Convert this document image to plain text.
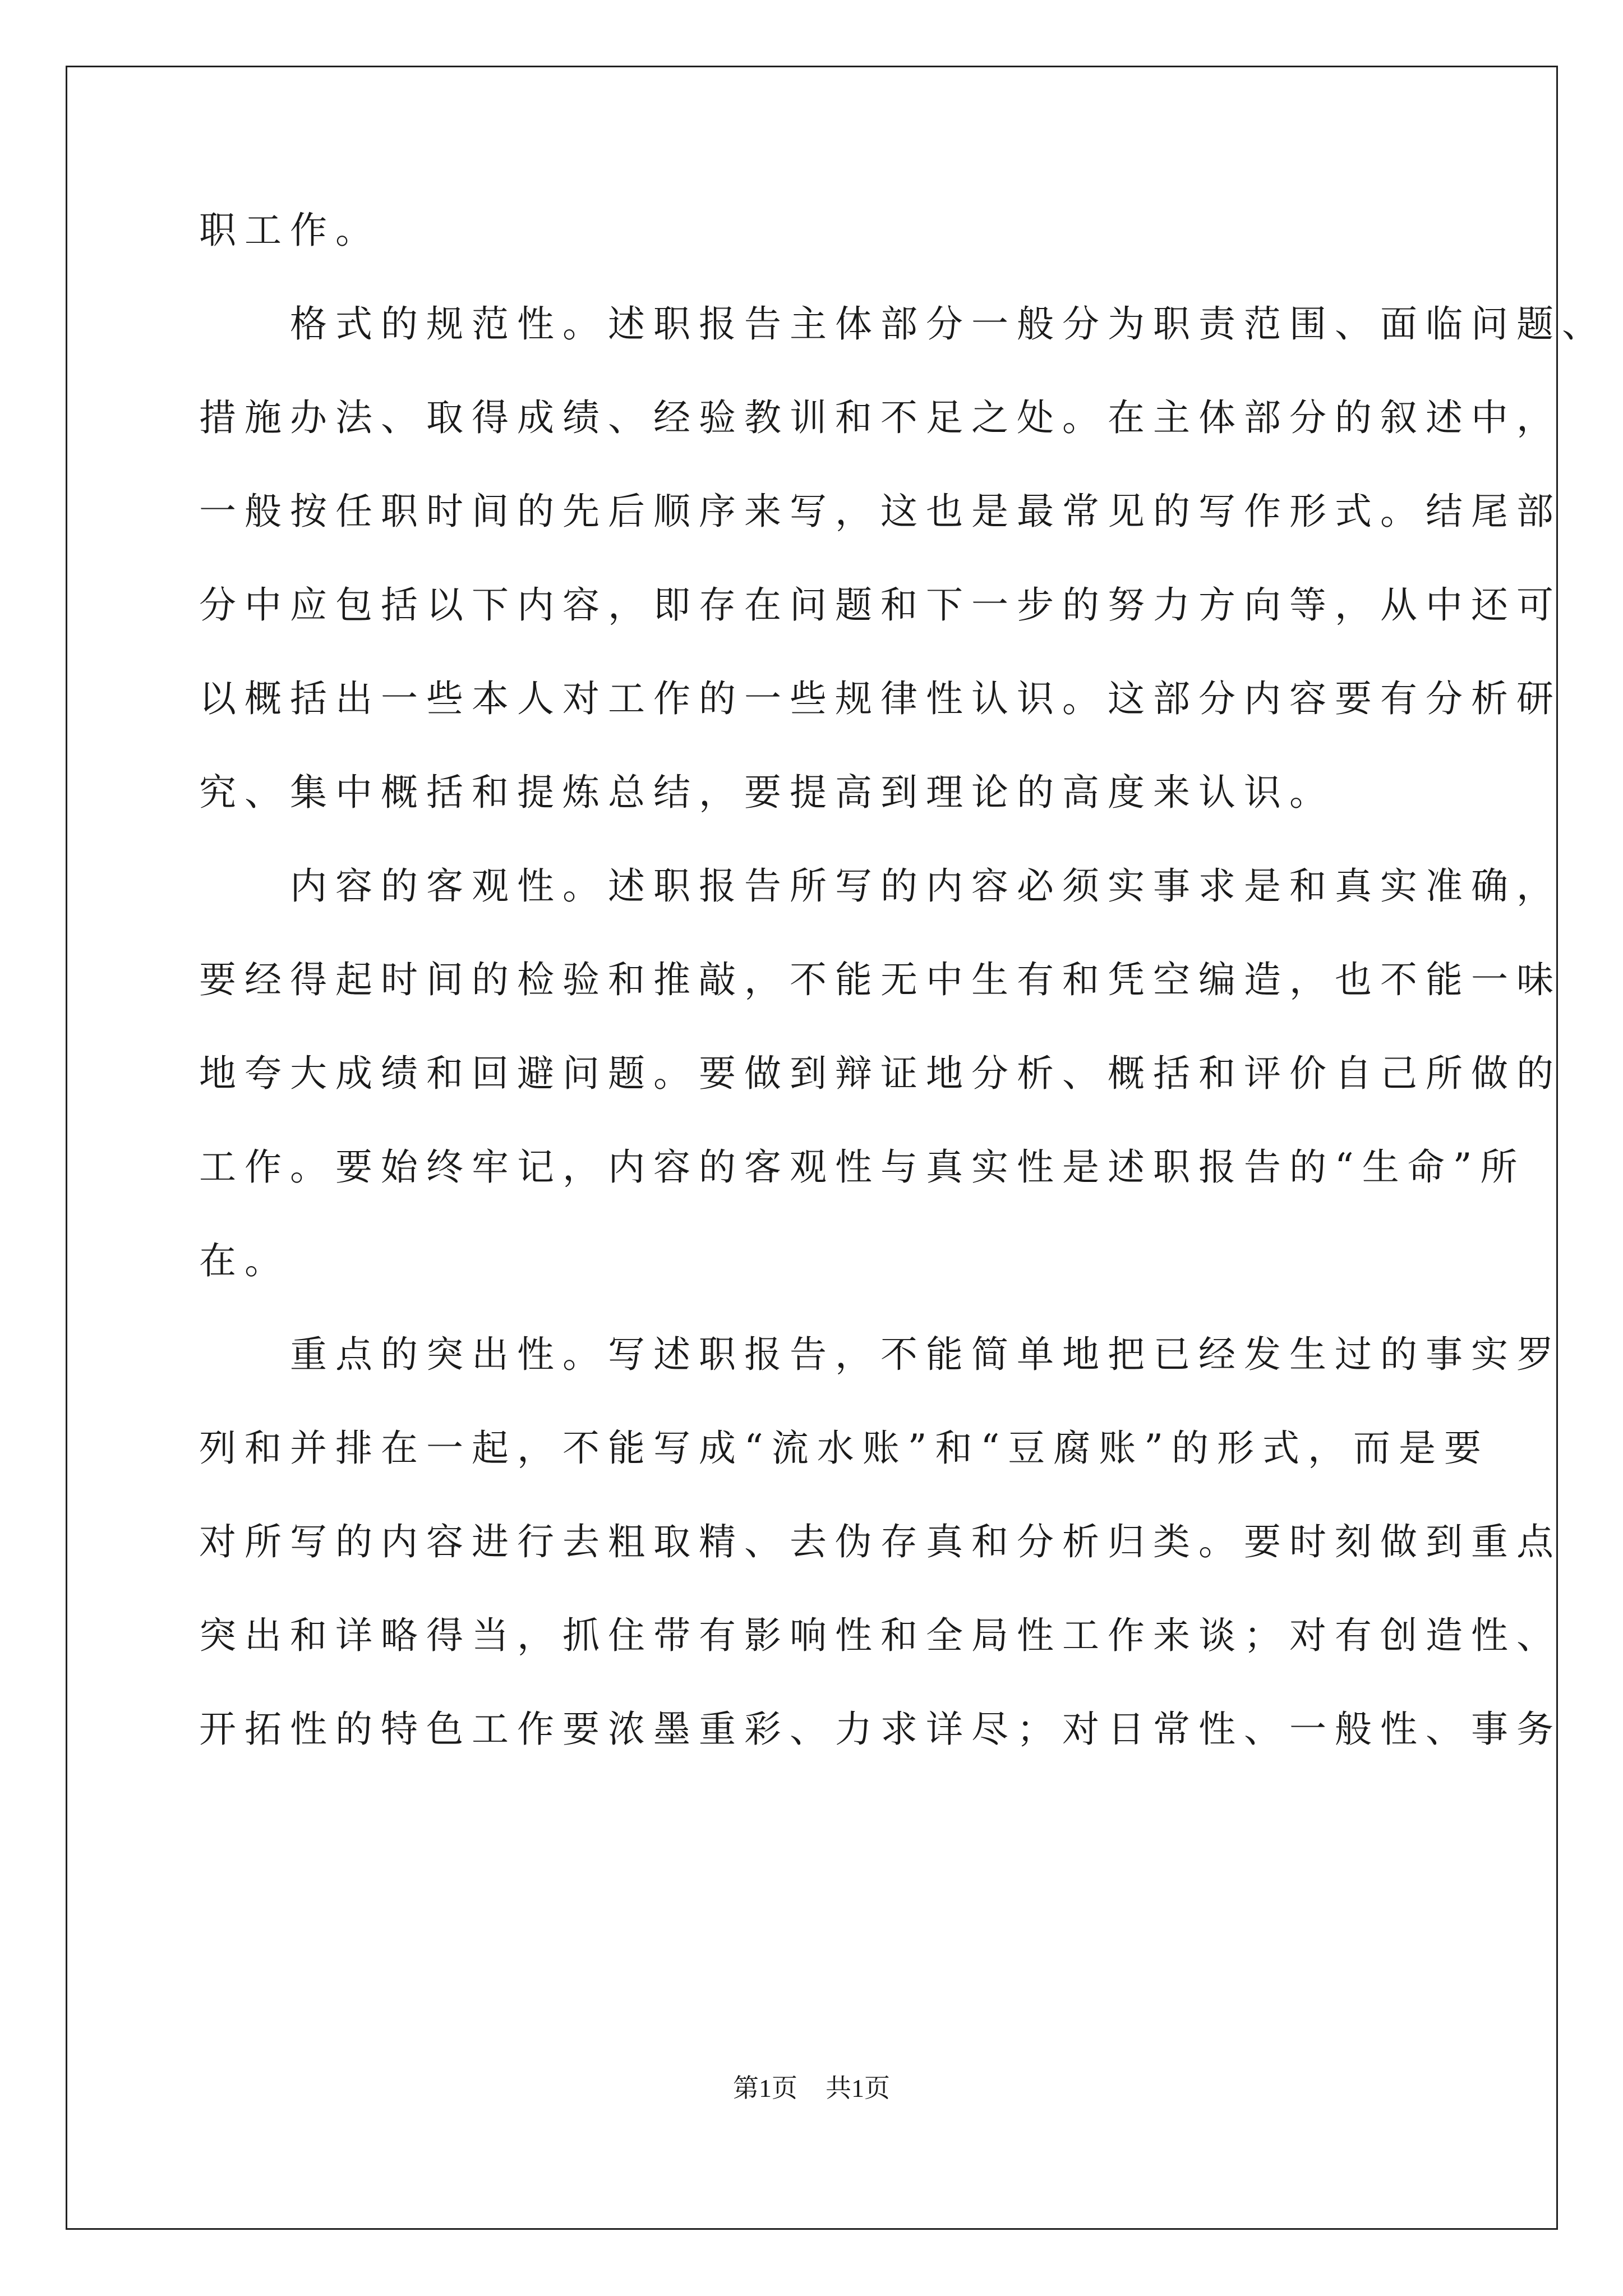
职工作。
　　格式的规范性。述职报告主体部分一般分为职责范围、面临问题、
措施办法、取得成绩、经验教训和不足之处。在主体部分的叙述中，
一般按任职时间的先后顺序来写，这也是最常见的写作形式。结尾部
分中应包括以下内容，即存在问题和下一步的努力方向等，从中还可
以概括出一些本人对工作的一些规律性认识。这部分内容要有分析研
究、集中概括和提炼总结，要提高到理论的高度来认识。
　　内容的客观性。述职报告所写的内容必须实事求是和真实准确，
要经得起时间的检验和推敲，不能无中生有和凭空编造，也不能一味
地夸大成绩和回避问题。要做到辩证地分析、概括和评价自己所做的
工作。要始终牢记，内容的客观性与真实性是述职报告的“生命”所
在。
　　重点的突出性。写述职报告，不能简单地把已经发生过的事实罗
列和并排在一起，不能写成“流水账”和“豆腐账”的形式，而是要
对所写的内容进行去粗取精、去伪存真和分析归类。要时刻做到重点
突出和详略得当，抓住带有影响性和全局性工作来谈；对有创造性、
开拓性的特色工作要浓墨重彩、力求详尽；对日常性、一般性、事务
第1页 共1页
